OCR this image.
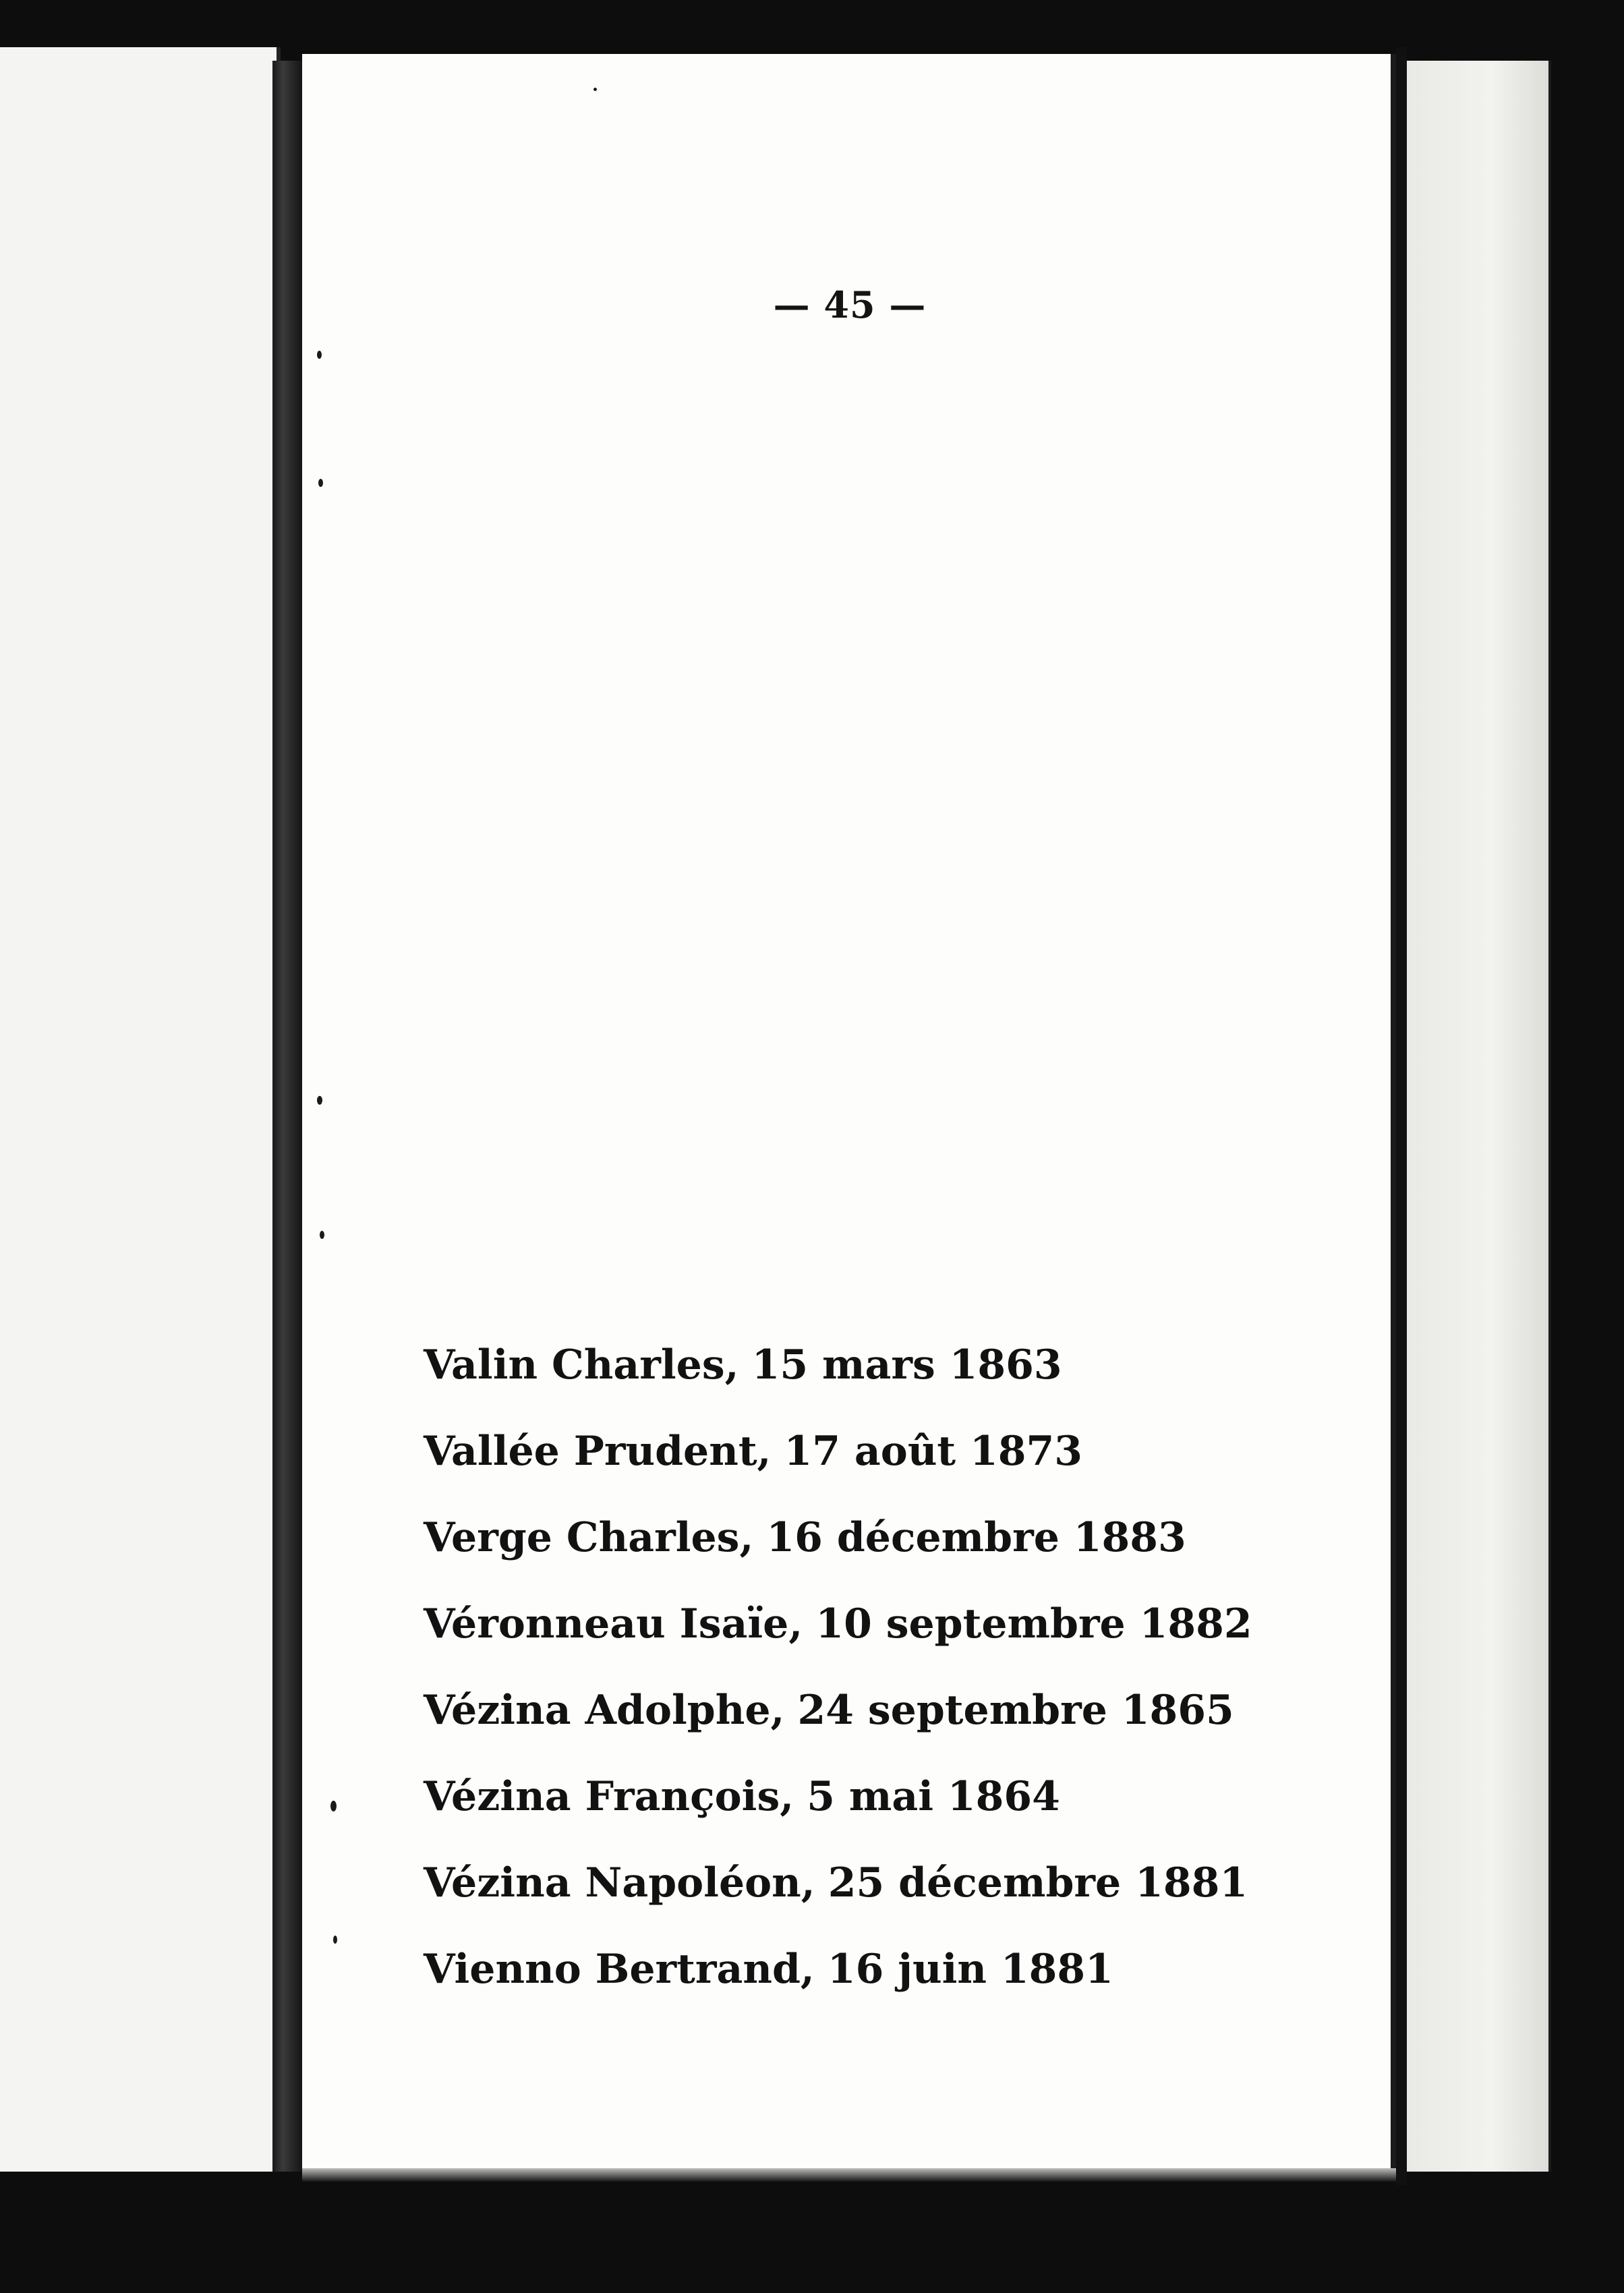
— 45 —

Valin Charles, 15 mars 1863
Vallée Prudent, 17 août 1873
Verge Charles, 16 décembre 1883
Véronneau Isaïe, 10 septembre 1882
Vézina Adolphe, 24 septembre 1865
Vézina François, 5 mai 1864
Vézina Napoléon, 25 décembre 1881
Vienno Bertrand, 16 juin 1881
